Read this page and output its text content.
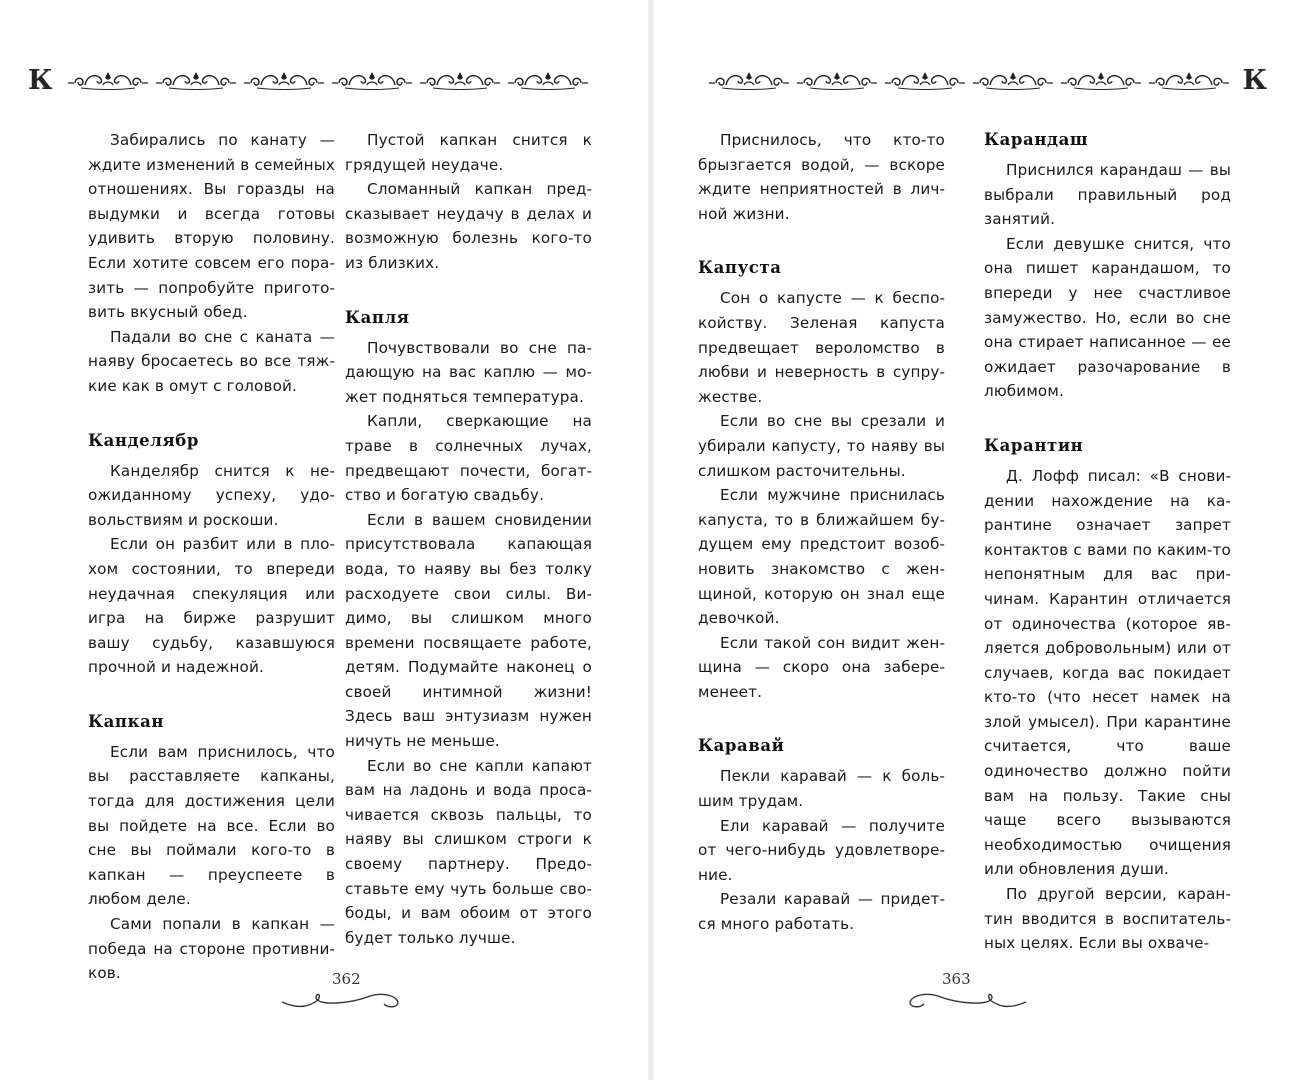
К

Забирались по канату — ждите изменений в семейных отношениях. Вы горазды на выдумки и всегда готовы удивить вторую половину. Если хотите совсем его поразить — попробуйте приготовить вкусный обед.

Падали во сне с каната — наяву бросаетесь во все тяжкие как в омут с головой.

Канделябр

Канделябр снится к неожиданному успеху, удовольствиям и роскоши.

Если он разбит или в плохом состоянии, то впереди неудачная спекуляция или игра на бирже разрушит вашу судьбу, казавшуюся прочной и надежной.

Капкан

Если вам приснилось, что вы расставляете капканы, тогда для достижения цели вы пойдете на все. Если во сне вы поймали кого-то в капкан — преуспеете в любом деле.

Сами попали в капкан — победа на стороне противников.

Пустой капкан снится к грядущей неудаче.

Сломанный капкан предсказывает неудачу в делах и возможную болезнь кого-то из близких.

Капля

Почувствовали во сне падающую на вас каплю — может подняться температура.

Капли, сверкающие на траве в солнечных лучах, предвещают почести, богатство и богатую свадьбу.

Если в вашем сновидении присутствовала капающая вода, то наяву вы без толку расходуете свои силы. Видимо, вы слишком много времени посвящаете работе, детям. Подумайте наконец о своей интимной жизни! Здесь ваш энтузиазм нужен ничуть не меньше.

Если во сне капли капают вам на ладонь и вода просачивается сквозь пальцы, то наяву вы слишком строги к своему партнеру. Предоставьте ему чуть больше свободы, и вам обоим от этого будет только лучше.

362
К

Приснилось, что кто-то брызгается водой, — вскоре ждите неприятностей в личной жизни.

Капуста

Сон о капусте — к беспокойству. Зеленая капуста предвещает вероломство в любви и неверность в супружестве.

Если во сне вы срезали и убирали капусту, то наяву вы слишком расточительны.

Если мужчине приснилась капуста, то в ближайшем будущем ему предстоит возобновить знакомство с женщиной, которую он знал еще девочкой.

Если такой сон видит женщина — скоро она забеременеет.

Каравай

Пекли каравай — к большим трудам.

Ели каравай — получите от чего-нибудь удовлетворение.

Резали каравай — придется много работать.

Карандаш

Приснился карандаш — вы выбрали правильный род занятий.

Если девушке снится, что она пишет карандашом, то впереди у нее счастливое замужество. Но, если во сне она стирает написанное — ее ожидает разочарование в любимом.

Карантин

Д. Лофф писал: «В сновидении нахождение на карантине означает запрет контактов с вами по каким-то непонятным для вас причинам. Карантин отличается от одиночества (которое является добровольным) или от случаев, когда вас покидает кто-то (что несет намек на злой умысел). При карантине считается, что ваше одиночество должно пойти вам на пользу. Такие сны чаще всего вызываются необходимостью очищения или обновления души.

По другой версии, карантин вводится в воспитательных целях. Если вы охваче-

363
